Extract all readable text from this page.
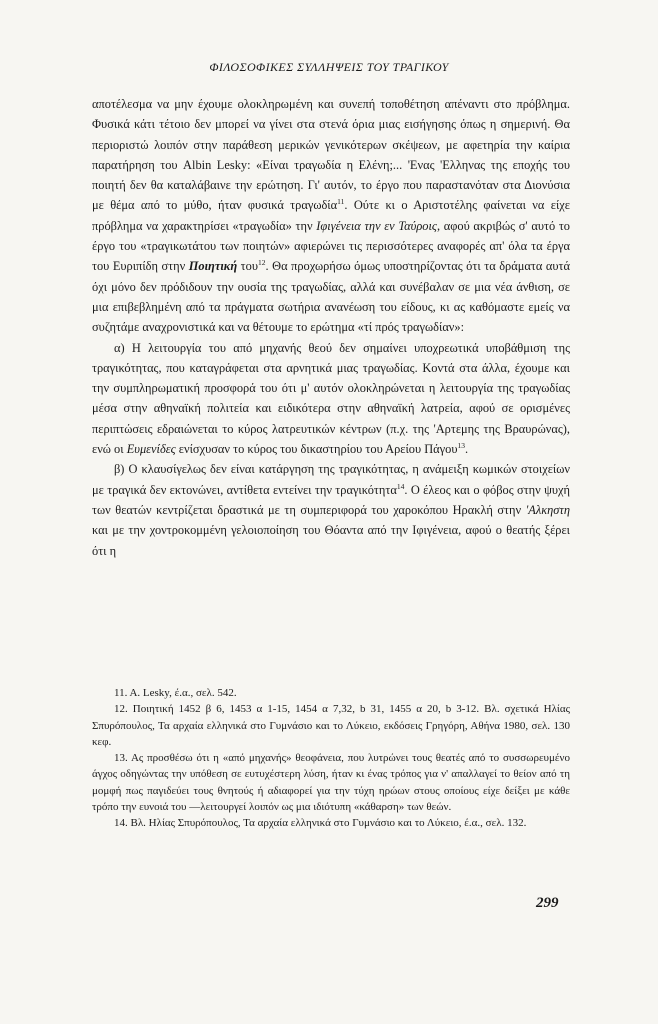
ΦΙΛΟΣΟΦΙΚΕΣ ΣΥΛΛΗΨΕΙΣ ΤΟΥ ΤΡΑΓΙΚΟΥ

αποτέλεσμα να μην έχουμε ολοκληρωμένη και συνεπή τοποθέτηση απέναντι στο πρόβλημα. Φυσικά κάτι τέτοιο δεν μπορεί να γίνει στα στενά όρια μιας εισήγησης όπως η σημερινή. Θα περιοριστώ λοιπόν στην παράθεση μερικών γενικότερων σκέψεων, με αφετηρία την καίρια παρατήρηση του Albin Lesky: «Είναι τραγωδία η Ελένη;... 'Ενας 'Ελληνας της εποχής του ποιητή δεν θα καταλάβαινε την ερώτηση. Γι' αυτόν, το έργο που παραστανόταν στα Διονύσια με θέμα από το μύθο, ήταν φυσικά τραγωδία$^{11}$. Ούτε κι ο Αριστοτέλης φαίνεται να είχε πρόβλημα να χαρακτηρίσει «τραγωδία» την Ιφιγένεια την εν Ταύροις, αφού ακριβώς σ' αυτό το έργο του «τραγικωτάτου των ποιητών» αφιερώνει τις περισσότερες αναφορές απ' όλα τα έργα του Ευριπίδη στην Ποιητική του$^{12}$. Θα προχωρήσω όμως υποστηρίζοντας ότι τα δράματα αυτά όχι μόνο δεν πρόδιδουν την ουσία της τραγωδίας, αλλά και συνέβαλαν σε μια νέα άνθιση, σε μια επιβεβλημένη από τα πράγματα σωτήρια ανανέωση του είδους, κι ας καθόμαστε εμείς να συζητάμε αναχρονιστικά και να θέτουμε το ερώτημα «τί πρός τραγωδίαν»:

α) Η λειτουργία του από μηχανής θεού δεν σημαίνει υποχρεωτικά υποβάθμιση της τραγικότητας, που καταγράφεται στα αρνητικά μιας τραγωδίας. Κοντά στα άλλα, έχουμε και την συμπληρωματική προσφορά του ότι μ' αυτόν ολοκληρώνεται η λειτουργία της τραγωδίας μέσα στην αθηναϊκή πολιτεία και ειδικότερα στην αθηναϊκή λατρεία, αφού σε ορισμένες περιπτώσεις εδραιώνεται το κύρος λατρευτικών κέντρων (π.χ. της 'Αρτεμης της Βραυρώνας), ενώ οι Ευμενίδες ενίσχυσαν το κύρος του δικαστηρίου του Αρείου Πάγου$^{13}$.

β) Ο κλαυσίγελως δεν είναι κατάργηση της τραγικότητας, η ανάμειξη κωμικών στοιχείων με τραγικά δεν εκτονώνει, αντίθετα εντείνει την τραγικότητα$^{14}$. Ο έλεος και ο φόβος στην ψυχή των θεατών κεντρίζεται δραστικά με τη συμπεριφορά του χαροκόπου Ηρακλή στην 'Αλκηστη και με την χοντροκομμένη γελοιοποίηση του Θόαντα από την Ιφιγένεια, αφού ο θεατής ξέρει ότι η

11. A. Lesky, έ.α., σελ. 542.

12. Ποιητική 1452 β 6, 1453 α 1-15, 1454 α 7,32, b 31, 1455 α 20, b 3-12. Βλ. σχετικά Ηλίας Σπυρόπουλος, Τα αρχαία ελληνικά στο Γυμνάσιο και το Λύκειο, εκδόσεις Γρηγόρη, Αθήνα 1980, σελ. 130 κεφ.

13. Ας προσθέσω ότι η «από μηχανής» θεοφάνεια, που λυτρώνει τους θεατές από το συσσωρευμένο άγχος οδηγώντας την υπόθεση σε ευτυχέστερη λύση, ήταν κι ένας τρόπος για ν' απαλλαγεί το θείον από τη μομφή πως παγιδεύει τους θνητούς ή αδιαφορεί για την τύχη ηρώων στους οποίους είχε δείξει με κάθε τρόπο την ευνοιά του —λειτουργεί λοιπόν ως μια ιδιότυπη «κάθαρση» των θεών.

14. Βλ. Ηλίας Σπυρόπουλος, Τα αρχαία ελληνικά στο Γυμνάσιο και το Λύκειο, έ.α., σελ. 132.

299
